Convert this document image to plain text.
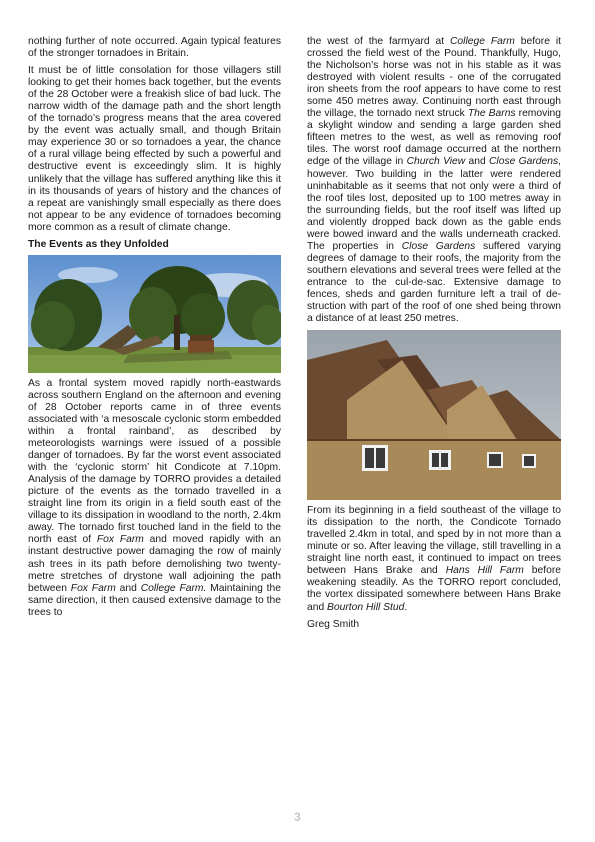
nothing further of note occurred. Again typical features of the stronger tornadoes in Britain.

It must be of little consolation for those villagers still looking to get their homes back together, but the events of the 28 October were a freakish slice of bad luck. The narrow width of the damage path and the short length of the tornado’s progress means that the area covered by the event was actually small, and though Britain may experience 30 or so tornadoes a year, the chance of a rural village being effected by such a powerful and destructive event is exceedingly slim. It is highly unlikely that the village has suffered anything like this it in its thousands of years of history and the chances of a repeat are vanishingly small especially as there does not appear to be any evidence of tornadoes becoming more common as a result of climate change.

The Events as they Unfolded

As a frontal system moved rapidly north-eastwards across southern England on the afternoon and evening of 28 October reports came in of three events associated with ‘a mesoscale cyclonic storm embedded within a frontal rainband’, as described by meteorologists warnings were issued of a possible danger of tornadoes. By far the worst event associated with the ‘cyclonic storm’ hit Condicote at 7.10pm. Analysis of the damage by TORRO provides a detailed picture of the events as the tornado travelled in a straight line from its origin in a field south east of the village to its dissipation in woodland to the north, 2.4km away. The tornado first touched land in the field to the north east of Fox Farm and moved rapidly with an instant destructive power damaging the row of mainly ash trees in its path before demolishing two twenty-metre stretches of drystone wall adjoining the path between Fox Farm and College Farm. Maintaining the same direction, it then caused extensive damage to the trees to

the west of the farmyard at College Farm before it crossed the field west of the Pound. Thankfully, Hugo, the Nicholson’s horse was not in his stable as it was destroyed with violent results - one of the corrugated iron sheets from the roof appears to have come to rest some 450 metres away. Continuing north east through the village, the tornado next struck The Barns removing a skylight window and sending a large garden shed fifteen metres to the west, as well as removing roof tiles. The worst roof damage occurred at the northern edge of the village in Church View and Close Gardens, however. Two building in the latter were rendered uninhabitable as it seems that not only were a third of the roof tiles lost, deposited up to 100 metres away in the surrounding fields, but the roof itself was lifted up and violently dropped back down as the gable ends were bowed inward and the walls underneath cracked. The properties in Close Gardens suffered varying degrees of damage to their roofs, the majority from the southern elevations and several trees were felled at the entrance to the cul-de-sac. Extensive damage to fences, sheds and garden furniture left a trail of destruction with part of the roof of one shed being thrown a distance of at least 250 metres.

From its beginning in a field southeast of the village to its dissipation to the north, the Condicote Tornado travelled 2.4km in total, and sped by in not more than a minute or so. After leaving the village, still travelling in a straight line north east, it continued to impact on trees between Hans Brake and Hans Hill Farm before weakening steadily. As the TORRO report concluded, the vortex dissipated somewhere between Hans Brake and Bourton Hill Stud.

Greg Smith

3
